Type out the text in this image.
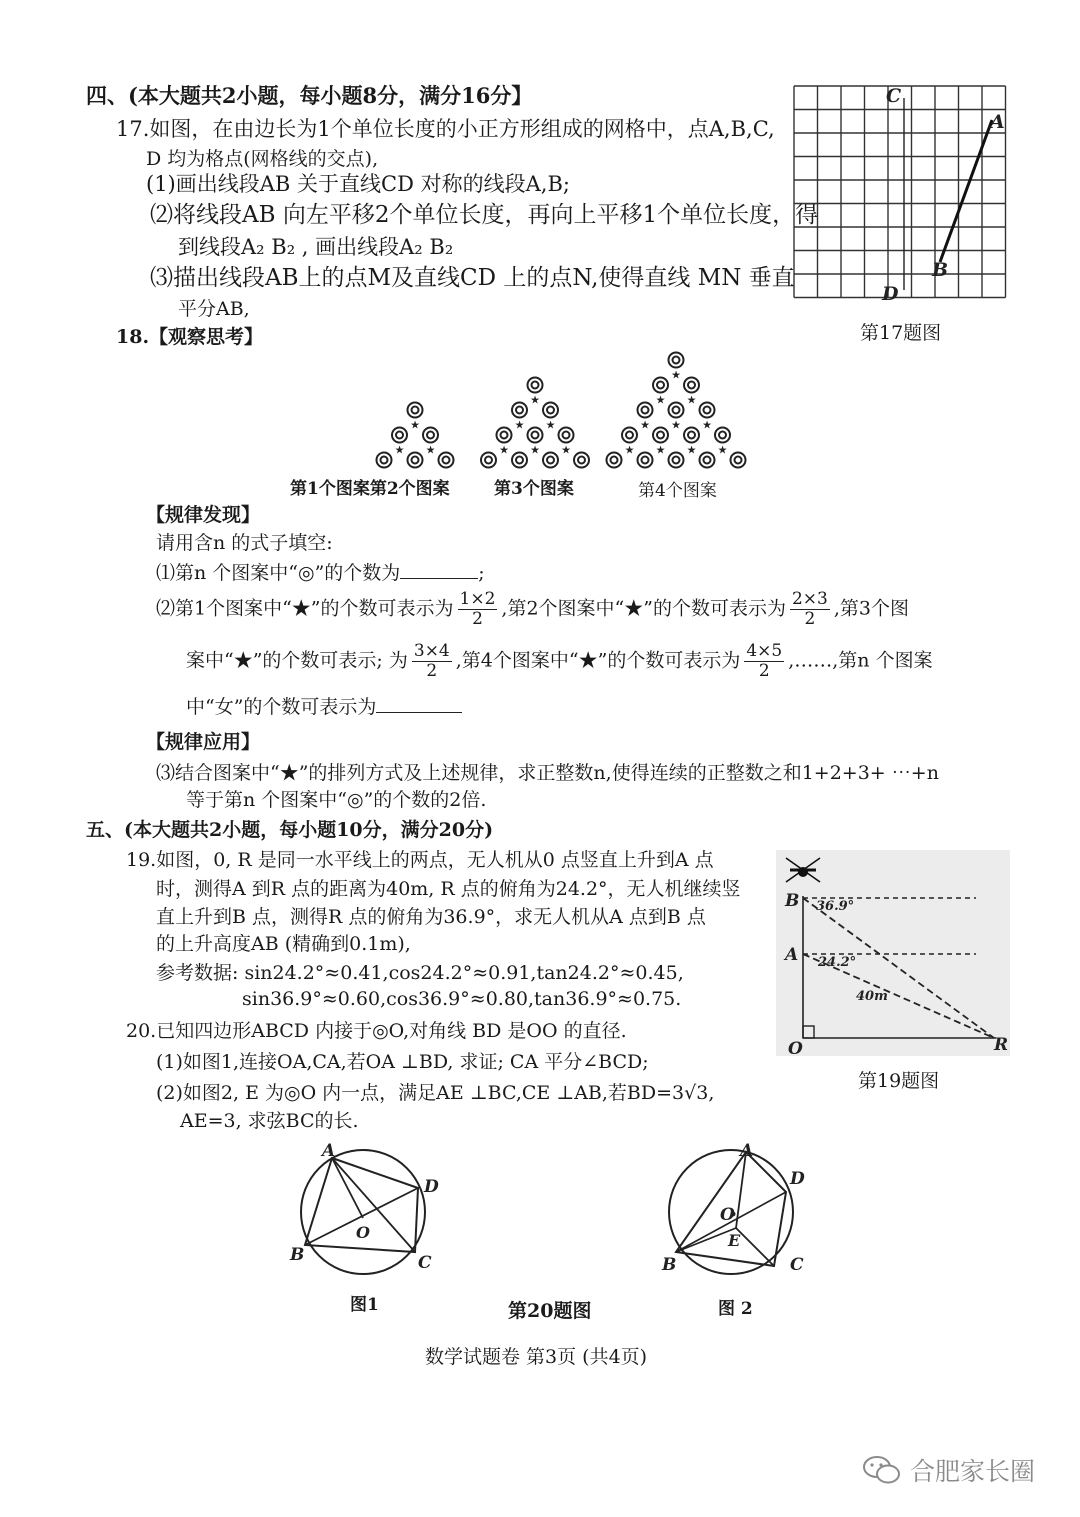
四、(本大题共2小题，每小题8分，满分16分】
17.如图，在由边长为1个单位长度的小正方形组成的网格中，点A,B,C,
D 均为格点(网格线的交点),
(1)画出线段AB 关于直线CD 对称的线段A,B;
⑵将线段AB 向左平移2个单位长度，再向上平移1个单位长度，得
到线段A₂ B₂ , 画出线段A₂ B₂
⑶描出线段AB上的点M及直线CD 上的点N,使得直线 MN 垂直
平分AB,
C
A
B
D
第17题图
18.【观察思考】
★
★ ★
★
★ ★
★ ★ ★
★
★ ★
★ ★ ★
★ ★ ★ ★
第1个图案第2个图案	第3个图案	第4个图案
【规律发现】
请用含n 的式子填空:
⑴第n 个图案中“◎”的个数为	;
⑵第1个图案中“★”的个数可表示为 $\frac{1\times 2}{2}$ ,第2个图案中“★”的个数可表示为 $\frac{2\times 3}{2}$ ,第3个图
案中“★”的个数可表示; 为 $\frac{3\times 4}{2}$ ,第4个图案中“★”的个数可表示为 $\frac{4\times 5}{2}$ ,……,第n 个图案
中“女”的个数可表示为
【规律应用】
⑶结合图案中“★”的排列方式及上述规律，求正整数n,使得连续的正整数之和1+2+3+ ⋯+n
等于第n 个图案中“◎”的个数的2倍.
五、(本大题共2小题，每小题10分，满分20分)
19.如图，0, R 是同一水平线上的两点，无人机从0 点竖直上升到A 点
时，测得A 到R 点的距离为40m, R 点的俯角为24.2°，无人机继续竖
直上升到B 点，测得R 点的俯角为36.9°，求无人机从A 点到B 点
的上升高度AB (精确到0.1m),
参考数据: sin24.2°≈0.41,cos24.2°≈0.91,tan24.2°≈0.45,
sin36.9°≈0.60,cos36.9°≈0.80,tan36.9°≈0.75.
B
A
O	R
36.9°
24.2°
40m
第19题图
20.已知四边形ABCD 内接于◎O,对角线 BD 是OO 的直径.
(1)如图1,连接OA,CA,若OA ⊥BD, 求证; CA 平分∠BCD;
(2)如图2, E 为◎O 内一点，满足AE ⊥BC,CE ⊥AB,若BD=3√3,
AE=3, 求弦BC的长.
A
D
B	C
O
图1
A
D
B	C
O
E
图 2
第20题图
数学试题卷 第3页 (共4页)
合肥家长圈
